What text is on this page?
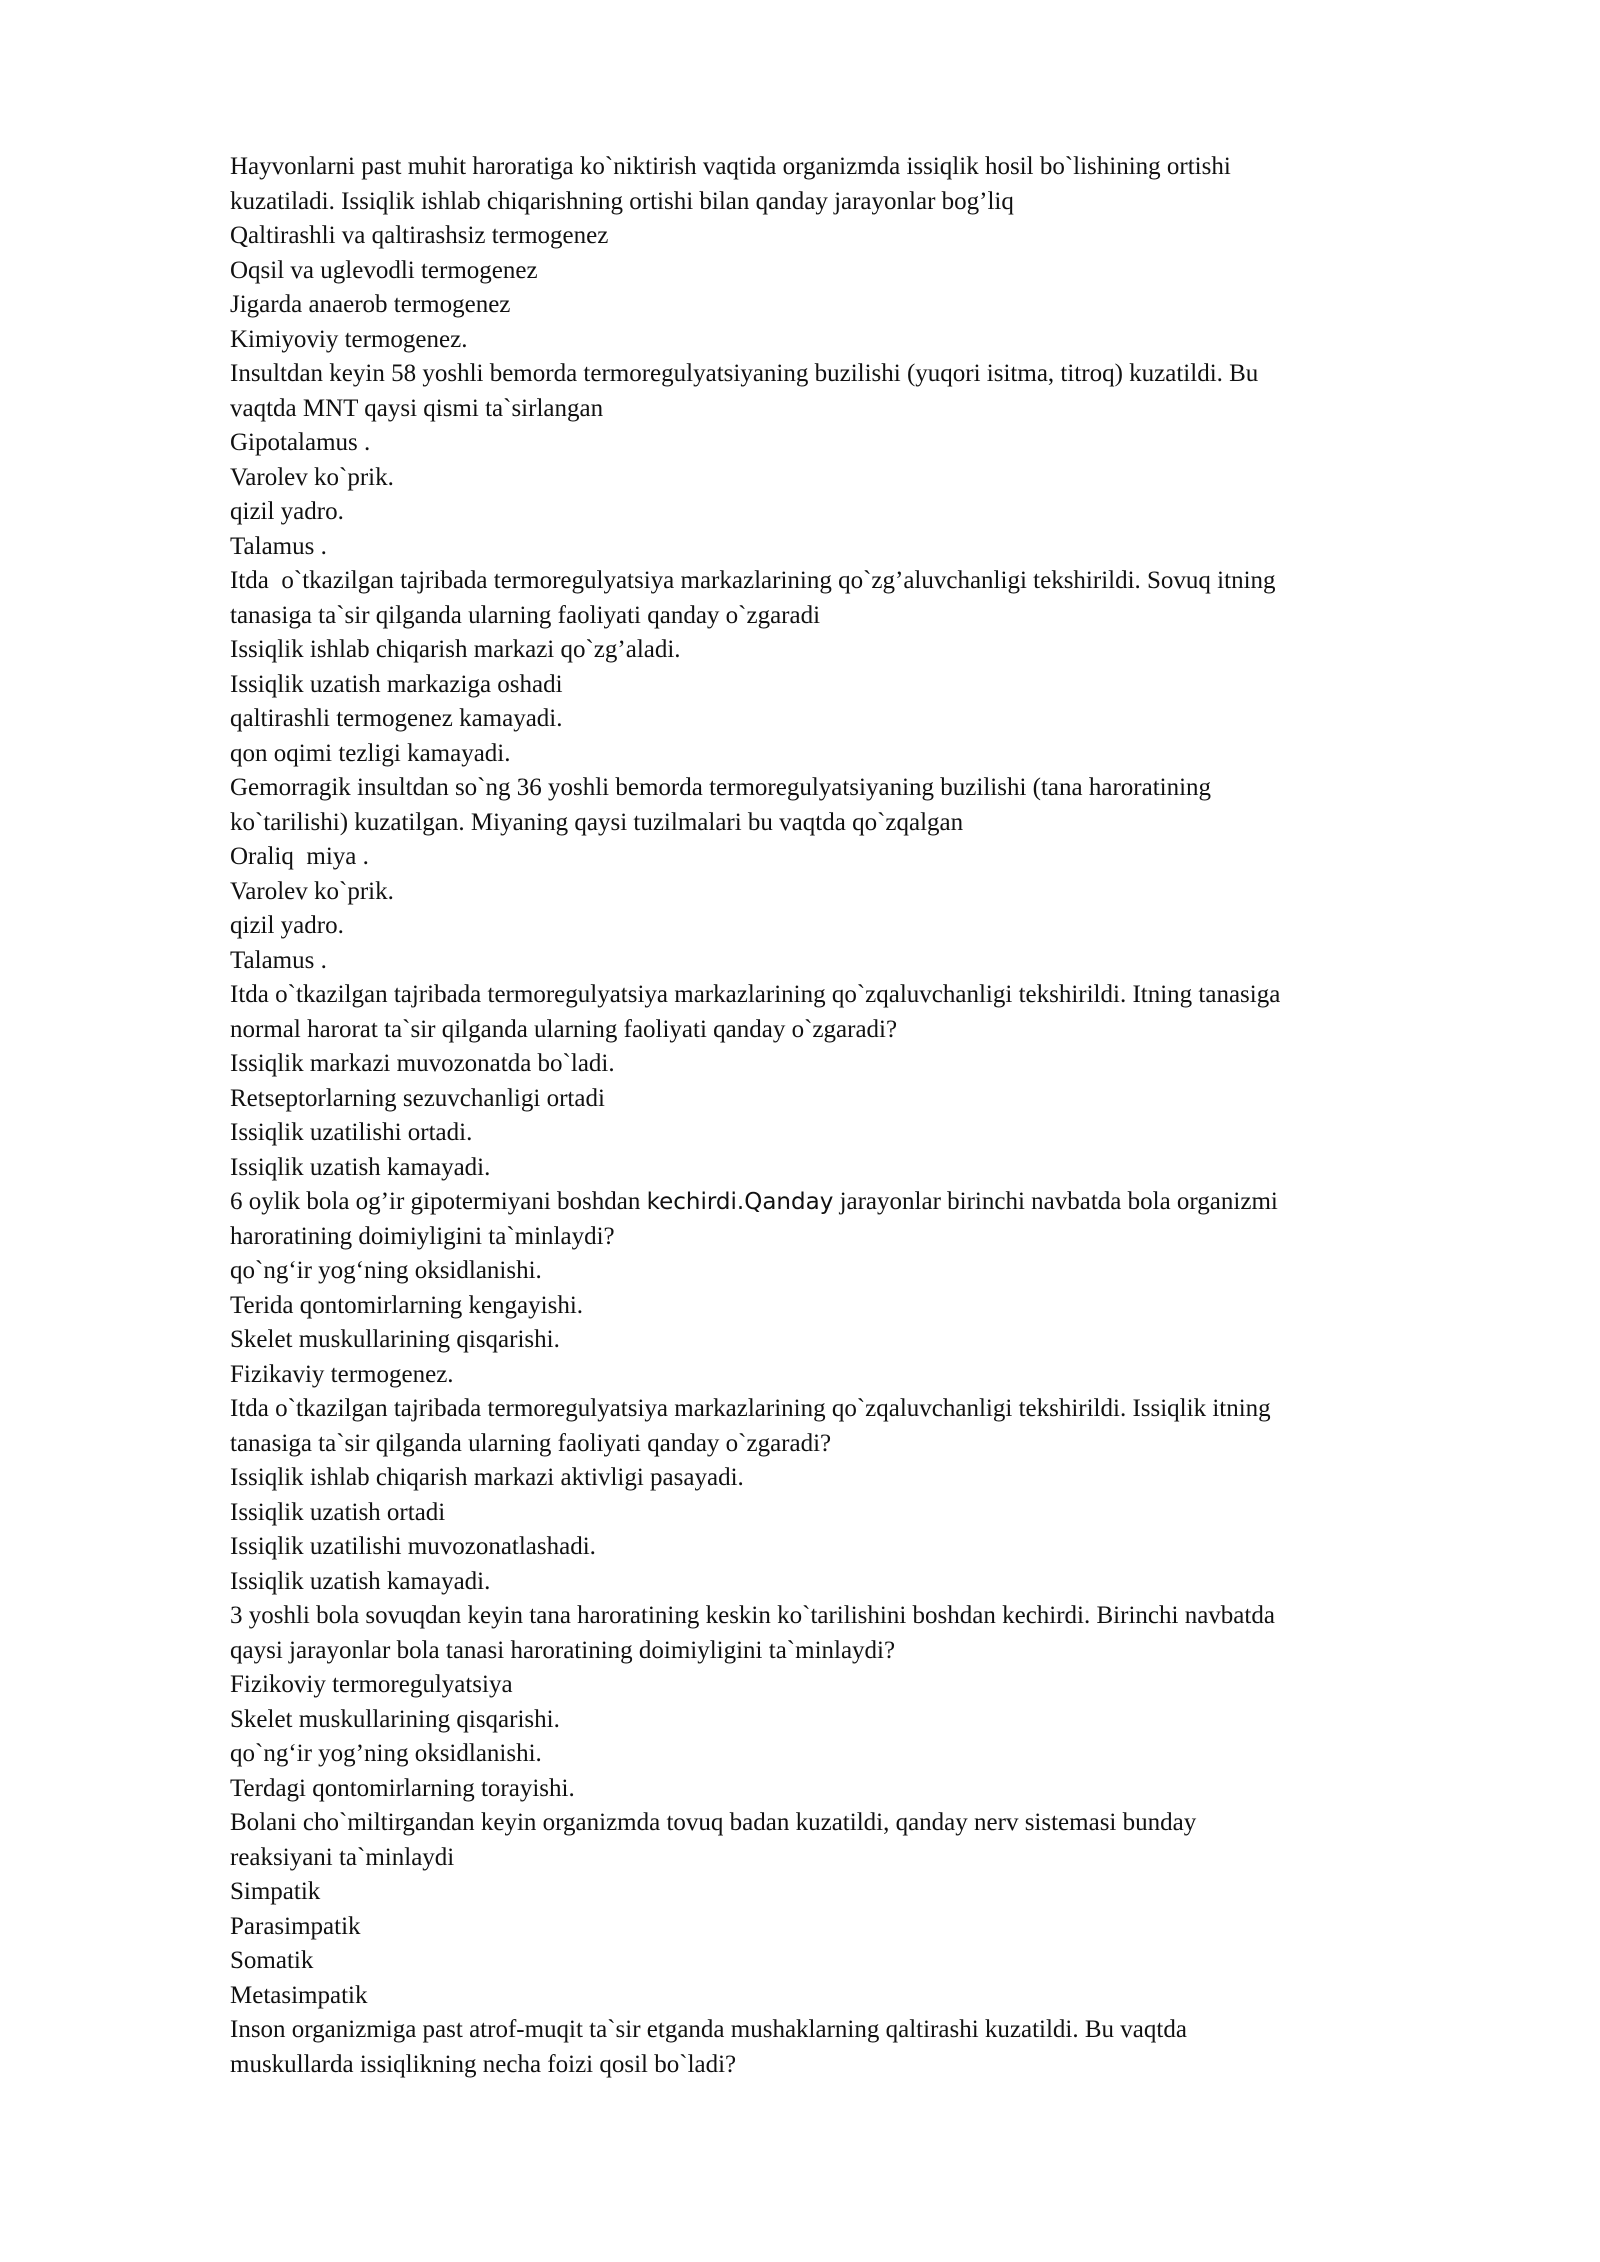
Hayvonlarni past muhit haroratiga ko`niktirish vaqtida organizmda issiqlik hosil bo`lishining ortishi

kuzatiladi. Issiqlik ishlab chiqarishning ortishi bilan qanday jarayonlar bog’liq

Qaltirashli va qaltirashsiz termogenez

Oqsil va uglevodli termogenez

Jigarda anaerob termogenez

Kimiyoviy termogenez.

Insultdan keyin 58 yoshli bemorda termoregulyatsiyaning buzilishi (yuqori isitma, titroq) kuzatildi. Bu

vaqtda MNT qaysi qismi ta`sirlangan

Gipotalamus .

Varolev ko`prik.

qizil yadro.

Talamus .

Itda  o`tkazilgan tajribada termoregulyatsiya markazlarining qo`zg’aluvchanligi tekshirildi. Sovuq itning

tanasiga ta`sir qilganda ularning faoliyati qanday o`zgaradi

Issiqlik ishlab chiqarish markazi qo`zg’aladi.

Issiqlik uzatish markaziga oshadi

qaltirashli termogenez kamayadi.

qon oqimi tezligi kamayadi.

Gemorragik insultdan so`ng 36 yoshli bemorda termoregulyatsiyaning buzilishi (tana haroratining

ko`tarilishi) kuzatilgan. Miyaning qaysi tuzilmalari bu vaqtda qo`zqalgan

Oraliq  miya .

Varolev ko`prik.

qizil yadro.

Talamus .

Itda o`tkazilgan tajribada termoregulyatsiya markazlarining qo`zqaluvchanligi tekshirildi. Itning tanasiga

normal harorat ta`sir qilganda ularning faoliyati qanday o`zgaradi?

Issiqlik markazi muvozonatda bo`ladi.

Retseptorlarning sezuvchanligi ortadi

Issiqlik uzatilishi ortadi.

Issiqlik uzatish kamayadi.

6 oylik bola og’ir gipotermiyani boshdan kechirdi.Qanday jarayonlar birinchi navbatda bola organizmi

haroratining doimiyligini ta`minlaydi?

qo`ng‘ir yog‘ning oksidlanishi.

Terida qontomirlarning kengayishi.

Skelet muskullarining qisqarishi.

Fizikaviy termogenez.

Itda o`tkazilgan tajribada termoregulyatsiya markazlarining qo`zqaluvchanligi tekshirildi. Issiqlik itning

tanasiga ta`sir qilganda ularning faoliyati qanday o`zgaradi?

Issiqlik ishlab chiqarish markazi aktivligi pasayadi.

Issiqlik uzatish ortadi

Issiqlik uzatilishi muvozonatlashadi.

Issiqlik uzatish kamayadi.

3 yoshli bola sovuqdan keyin tana haroratining keskin ko`tarilishini boshdan kechirdi. Birinchi navbatda

qaysi jarayonlar bola tanasi haroratining doimiyligini ta`minlaydi?

Fizikoviy termoregulyatsiya

Skelet muskullarining qisqarishi.

qo`ng‘ir yog’ning oksidlanishi.

Terdagi qontomirlarning torayishi.

Bolani cho`miltirgandan keyin organizmda tovuq badan kuzatildi, qanday nerv sistemasi bunday

reaksiyani ta`minlaydi

Simpatik

Parasimpatik

Somatik

Metasimpatik

Inson organizmiga past atrof-muqit ta`sir etganda mushaklarning qaltirashi kuzatildi. Bu vaqtda

muskullarda issiqlikning necha foizi qosil bo`ladi?
